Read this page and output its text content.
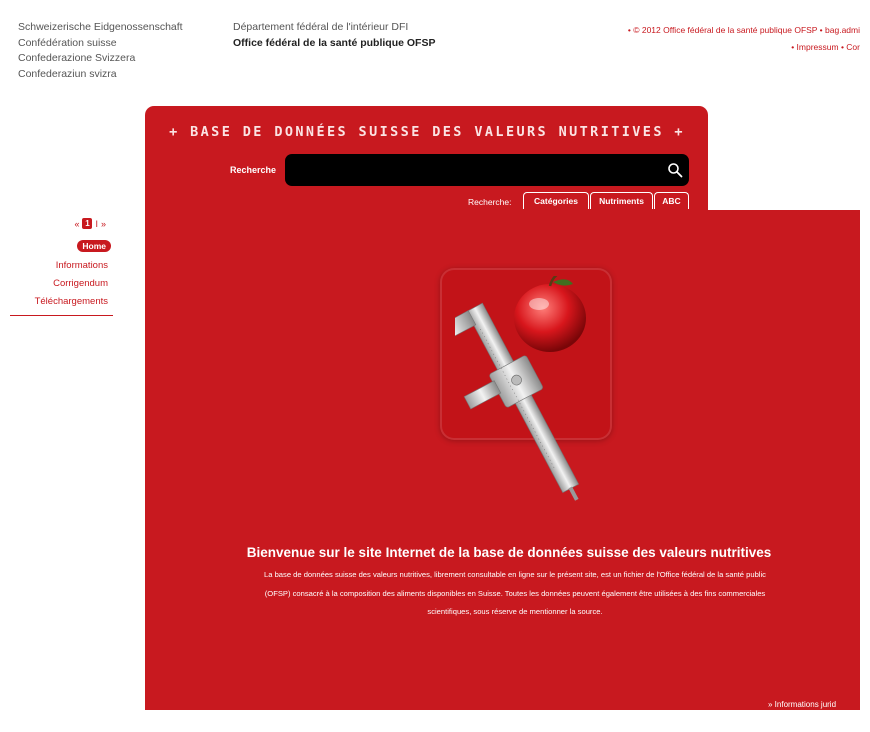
Schweizerische Eidgenossenschaft
Confédération suisse
Confederazione Svizzera
Confederaziun svizra
Département fédéral de l'intérieur DFI
Office fédéral de la santé publique OFSP
• © 2012 Office fédéral de la santé publique OFSP • bag.admi
• Impressum • Cor
« 1 I »
Home
Informations
Corrigendum
Téléchargements
+ BASE DE DONNÉES SUISSE DES VALEURS NUTRITIVES +
Recherche
Recherche:	Catégories	Nutriments	ABC
Bienvenue sur le site Internet de la base de données suisse des valeurs nutritives
La base de données suisse des valeurs nutritives, librement consultable en ligne sur le présent site, est un fichier de l'Office fédéral de la santé public
(OFSP) consacré à la composition des aliments disponibles en Suisse. Toutes les données peuvent également être utilisées à des fins commerciales
scientifiques, sous réserve de mentionner la source.
» Informations jurid
